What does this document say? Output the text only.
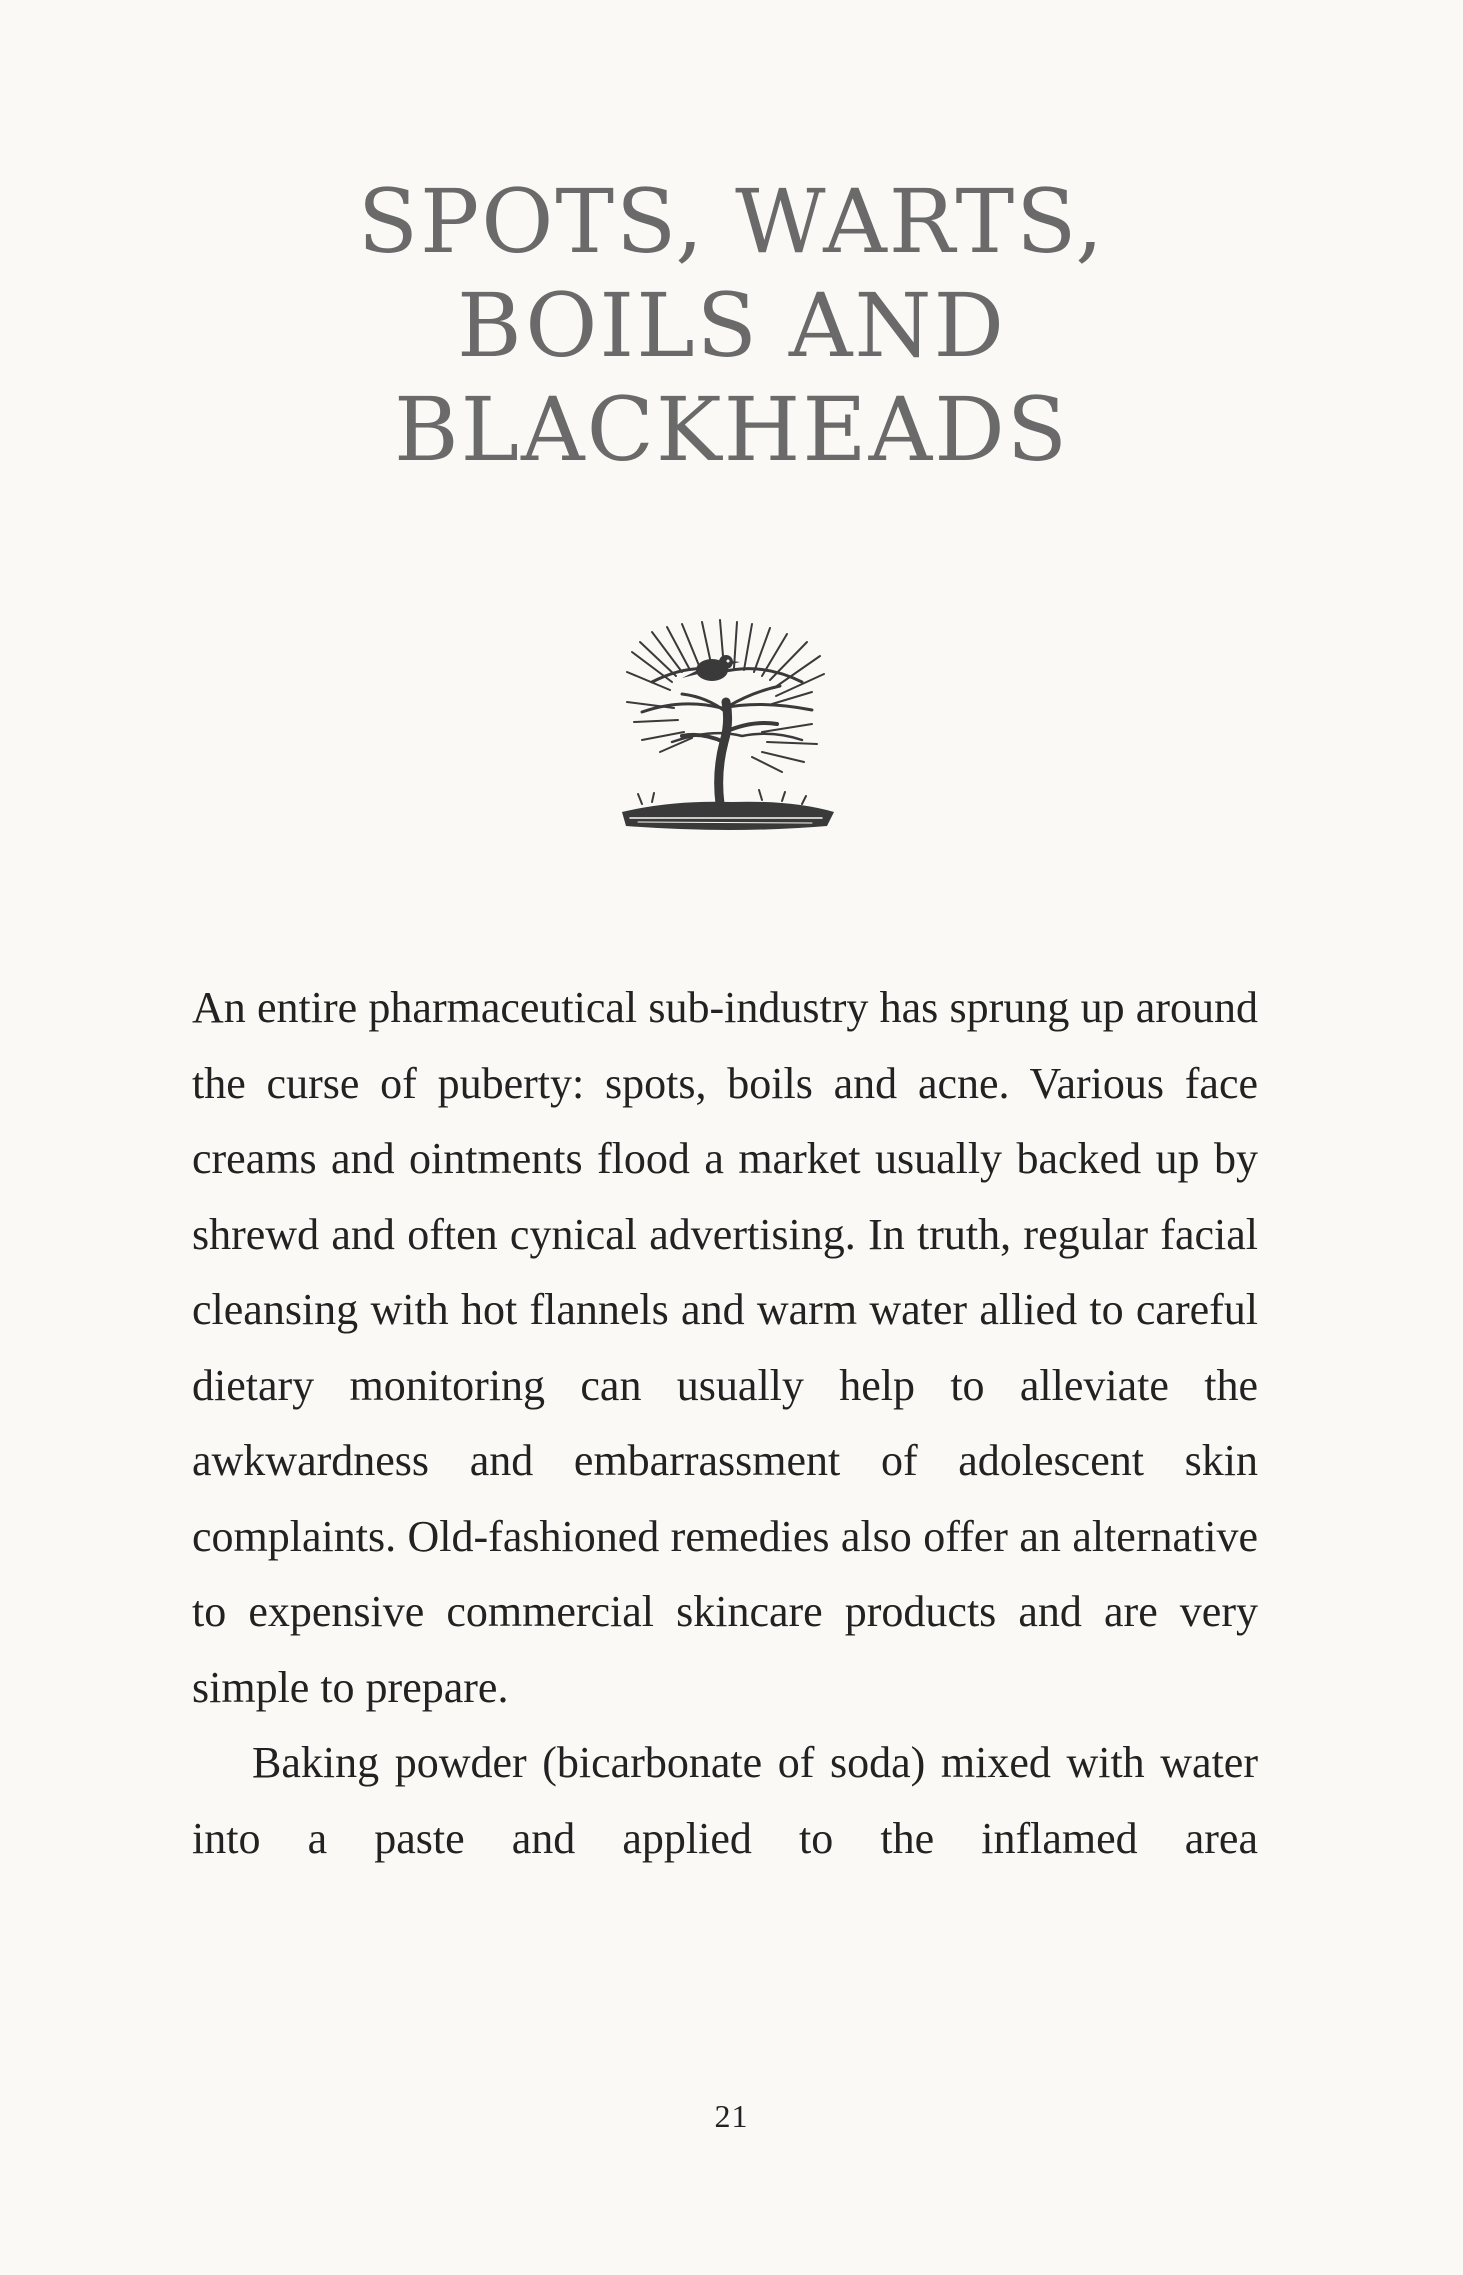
SPOTS, WARTS,
BOILS AND
BLACKHEADS

An entire pharmaceutical sub-industry has sprung up around the curse of puberty: spots, boils and acne. Various face creams and ointments flood a market usually backed up by shrewd and often cynical advertising. In truth, regular facial cleansing with hot flannels and warm water allied to careful dietary monitoring can usually help to alleviate the awkwardness and embarrassment of adolescent skin complaints. Old-fashioned remedies also offer an alternative to expensive commercial skincare products and are very simple to prepare.

Baking powder (bicarbonate of soda) mixed with water into a paste and applied to the inflamed area

21
